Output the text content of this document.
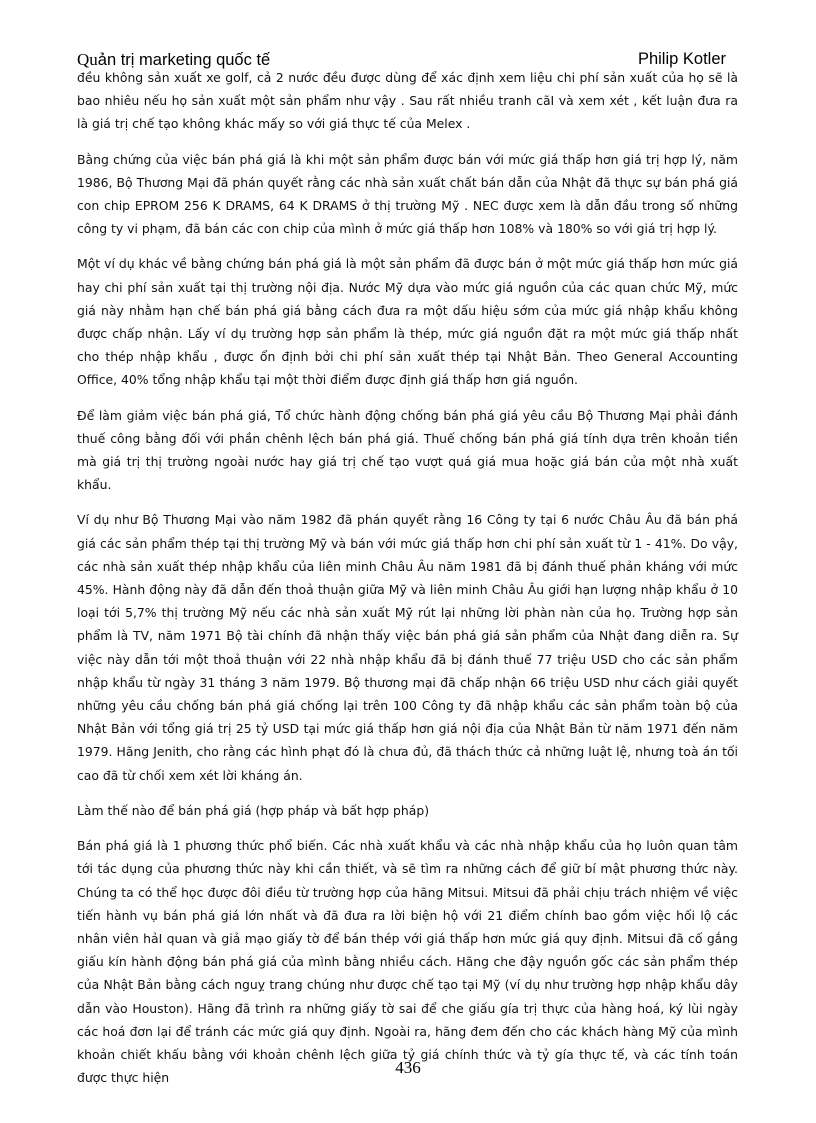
Quản trị marketing quốc tế	Philip Kotler

đều không sản xuất xe golf, cả 2 nước đều được dùng để xác định xem liệu chi phí sản xuất của họ sẽ là bao nhiêu nếu họ sản xuất một sản phẩm như vậy . Sau rất nhiều tranh cãI và xem xét , kết luận đưa ra là giá trị chế tạo không khác mấy so với giá thực tế của Melex .

Bằng chứng của việc bán phá giá là khi một sản phẩm được bán với mức giá thấp hơn giá trị hợp lý, năm 1986, Bộ Thương Mại đã phán quyết rằng các nhà sản xuất chất bán dẫn của Nhật đã thực sự bán phá giá con chip EPROM 256 K DRAMS, 64 K DRAMS ở thị trường Mỹ . NEC được xem là dẫn đầu trong số những công ty vi phạm, đã bán các con chip của mình ở mức giá thấp hơn 108% và 180% so với giá trị hợp lý.

Một ví dụ khác về bằng chứng bán phá giá là một sản phẩm đã được bán ở một mức giá thấp hơn mức giá hay chi phí sản xuất tại thị trường nội địa. Nước Mỹ dựa vào mức giá nguồn của các quan chức Mỹ, mức giá này nhằm hạn chế bán phá giá bằng cách đưa ra một dấu hiệu sớm của mức giá nhập khẩu không được chấp nhận. Lấy ví dụ trường hợp sản phẩm là thép, mức giá nguồn đặt ra một mức giá thấp nhất cho thép nhập khẩu , được ổn định bởi chi phí sản xuất thép tại Nhật Bản. Theo General Accounting Office, 40% tổng nhập khẩu tại một thời điểm được định giá thấp hơn giá nguồn.

Để làm giảm việc bán phá giá, Tổ chức hành động chống bán phá giá yêu cầu Bộ Thương Mại phải đánh thuế công bằng đối với phần chênh lệch bán phá giá. Thuế chống bán phá giá tính dựa trên khoản tiền mà giá trị thị trường ngoài nước hay giá trị chế tạo vượt quá giá mua hoặc giá bán của một nhà xuất khẩu.

Ví dụ như Bộ Thương Mại vào năm 1982 đã phán quyết rằng 16 Công ty tại 6 nước Châu Âu đã bán phá giá các sản phẩm thép tại thị trường Mỹ và bán với mức giá thấp hơn chi phí sản xuất từ 1 - 41%. Do vậy, các nhà sản xuất thép nhập khẩu của liên minh Châu Âu năm 1981 đã bị đánh thuế phản kháng với mức 45%. Hành động này đã dẫn đến thoả thuận giữa Mỹ và liên minh Châu Âu giới hạn lượng nhập khẩu ở 10 loại tới 5,7% thị trường Mỹ nếu các nhà sản xuất Mỹ rút lại những lời phàn nàn của họ. Trường hợp sản phẩm là TV, năm 1971 Bộ tài chính đã nhận thấy việc bán phá giá sản phẩm của Nhật đang diễn ra. Sự việc này dẫn tới một thoả thuận với 22 nhà nhập khẩu đã bị đánh thuế 77 triệu USD cho các sản phẩm nhập khẩu từ ngày 31 tháng 3 năm 1979. Bộ thương mại đã chấp nhận 66 triệu USD như cách giải quyết những yêu cầu chống bán phá giá chống lại trên 100 Công ty đã nhập khẩu các sản phẩm toàn bộ của Nhật Bản với tổng giá trị 25 tỷ USD tại mức giá thấp hơn giá nội địa của Nhật Bản từ năm 1971 đến năm 1979. Hãng Jenith, cho rằng các hình phạt đó là chưa đủ, đã thách thức cả những luật lệ, nhưng toà án tối cao đã từ chối xem xét lời kháng án.

Làm thế nào để bán phá giá (hợp pháp và bất hợp pháp)

Bán phá giá là 1 phương thức phổ biến. Các nhà xuất khẩu và các nhà nhập khẩu của họ luôn quan tâm tới tác dụng của phương thức này khi cần thiết, và sẽ tìm ra những cách để giữ bí mật phương thức này. Chúng ta có thể học được đôi điều từ trường hợp của hãng Mitsui. Mitsui đã phải chịu trách nhiệm về việc tiến hành vụ bán phá giá lớn nhất và đã đưa ra lời biện hộ với 21 điểm chính bao gồm việc hối lộ các nhân viên hảI quan và giả mạo giấy tờ để bán thép với giá thấp hơn mức giá quy định. Mitsui đã cố gắng giấu kín hành động bán phá giá của mình bằng nhiều cách. Hãng che đậy nguồn gốc các sản phẩm thép của Nhật Bản bằng cách nguỵ trang chúng như được chế tạo tại Mỹ (ví dụ như trường hợp nhập khẩu dây dẫn vào Houston). Hãng đã trình ra những giấy tờ sai để che giấu gía trị thực của hàng hoá, ký lùi ngày các hoá đơn lại để tránh các mức giá quy định. Ngoài ra, hãng đem đến cho các khách hàng Mỹ của mình khoản chiết khấu bằng với khoản chênh lệch giữa tỷ giá chính thức và tỷ gía thực tế, và các tính toán được thực hiện

436
